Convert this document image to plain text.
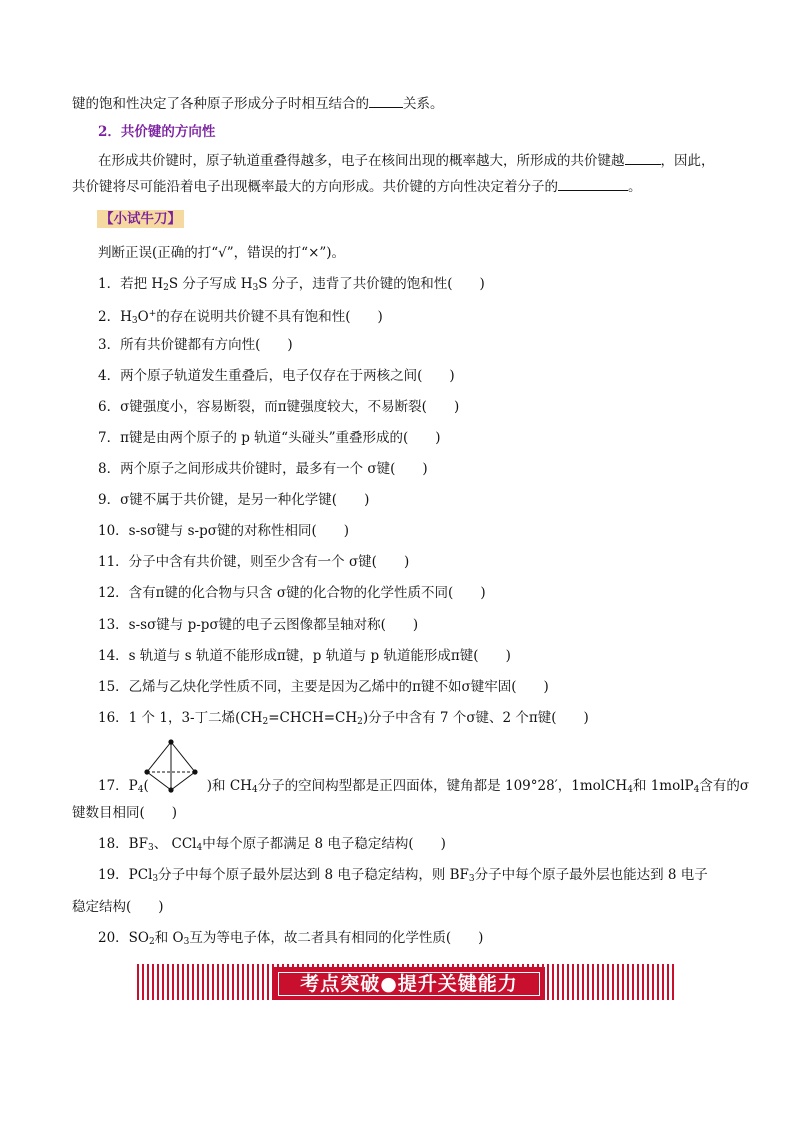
键的饱和性决定了各种原子形成分子时相互结合的	关系。
2．共价键的方向性
在形成共价键时，原子轨道重叠得越多，电子在核间出现的概率越大，所形成的共价键越	，因此，
共价键将尽可能沿着电子出现概率最大的方向形成。共价键的方向性决定着分子的	。
【小试牛刀】
判断正误(正确的打“√”，错误的打“×”)。
1．若把 $H_2S$ 分子写成 $H_3S$ 分子，违背了共价键的饱和性(　　)
2．$H_3O^+$的存在说明共价键不具有饱和性(　　)
3．所有共价键都有方向性(　　)
4．两个原子轨道发生重叠后，电子仅存在于两核之间(　　)
6．σ键强度小，容易断裂，而π键强度较大，不易断裂(　　)
7．π键是由两个原子的 p 轨道“头碰头”重叠形成的(　　)
8．两个原子之间形成共价键时，最多有一个 σ键(　　)
9．σ键不属于共价键，是另一种化学键(　　)
10．s-sσ键与 s-pσ键的对称性相同(　　)
11．分子中含有共价键，则至少含有一个 σ键(　　)
12．含有π键的化合物与只含 σ键的化合物的化学性质不同(　　)
13．s-sσ键与 p-pσ键的电子云图像都呈轴对称(　　)
14．s 轨道与 s 轨道不能形成π键，p 轨道与 p 轨道能形成π键(　　)
15．乙烯与乙炔化学性质不同，主要是因为乙烯中的π键不如σ键牢固(　　)
16．1 个 1，3-丁二烯$(CH_2=CHCH=CH_2)$分子中含有 7 个σ键、2 个π键(　　)
17．$P_4$(	)和 $CH_4$分子的空间构型都是正四面体，键角都是 109°28′，1molCH$_4$和 1molP$_4$含有的σ
键数目相同(　　)
18．$BF_3$、 CCl$_4$中每个原子都满足 8 电子稳定结构(　　)
19．PCl$_3$分子中每个原子最外层达到 8 电子稳定结构，则 $BF_3$分子中每个原子最外层也能达到 8 电子
稳定结构(　　)
20．$SO_2$和 $O_3$互为等电子体，故二者具有相同的化学性质(　　)
考点突破●提升关键能力
